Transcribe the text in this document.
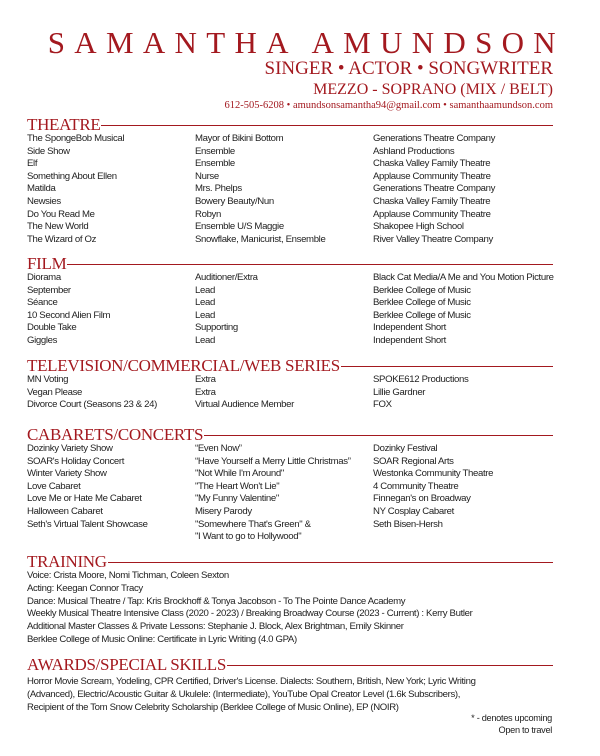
SAMANTHA AMUNDSON
SINGER • ACTOR • SONGWRITER
MEZZO - SOPRANO (MIX / BELT)
612-505-6208 • amundsonsamantha94@gmail.com • samanthaamundson.com
THEATRE
The SpongeBob Musical	Mayor of Bikini Bottom	Generations Theatre Company
Side Show	Ensemble	Ashland Productions
Elf	Ensemble	Chaska Valley Family Theatre
Something About Ellen	Nurse	Applause Community Theatre
Matilda	Mrs. Phelps	Generations Theatre Company
Newsies	Bowery Beauty/Nun	Chaska Valley Family Theatre
Do You Read Me	Robyn	Applause Community Theatre
The New World	Ensemble U/S Maggie	Shakopee High School
The Wizard of Oz	Snowflake, Manicurist, Ensemble	River Valley Theatre Company
FILM
Diorama	Auditioner/Extra	Black Cat Media/A Me and You Motion Picture
September	Lead	Berklee College of Music
Séance	Lead	Berklee College of Music
10 Second Alien Film	Lead	Berklee College of Music
Double Take	Supporting	Independent Short
Giggles	Lead	Independent Short
TELEVISION/COMMERCIAL/WEB SERIES
MN Voting	Extra	SPOKE612 Productions
Vegan Please	Extra	Lillie Gardner
Divorce Court (Seasons 23 & 24)	Virtual Audience Member	FOX
CABARETS/CONCERTS
Dozinky Variety Show	“Even Now”	Dozinky Festival
SOAR's Holiday Concert	“Have Yourself a Merry Little Christmas” SOAR Regional Arts
Winter Variety Show	"Not While I'm Around"	Westonka Community Theatre
Love Cabaret	"The Heart Won't Lie"	4 Community Theatre
Love Me or Hate Me Cabaret	"My Funny Valentine"	Finnegan's on Broadway
Halloween Cabaret	Misery Parody	NY Cosplay Cabaret
Seth's Virtual Talent Showcase	"Somewhere That's Green" &	Seth Bisen-Hersh
"I Want to go to Hollywood"
TRAINING
Voice: Crista Moore, Nomi Tichman, Coleen Sexton
Acting: Keegan Connor Tracy
Dance: Musical Theatre / Tap: Kris Brockhoff & Tonya Jacobson - To The Pointe Dance Academy
Weekly Musical Theatre Intensive Class (2020 - 2023) / Breaking Broadway Course (2023 - Current) : Kerry Butler
Additional Master Classes & Private Lessons: Stephanie J. Block, Alex Brightman, Emily Skinner
Berklee College of Music Online: Certificate in Lyric Writing (4.0 GPA)
AWARDS/SPECIAL SKILLS
Horror Movie Scream, Yodeling, CPR Certified, Driver's License. Dialects: Southern, British, New York; Lyric Writing
(Advanced), Electric/Acoustic Guitar & Ukulele: (Intermediate), YouTube Opal Creator Level (1.6k Subscribers),
Recipient of the Tom Snow Celebrity Scholarship (Berklee College of Music Online), EP (NOIR)
* - denotes upcoming
Open to travel
